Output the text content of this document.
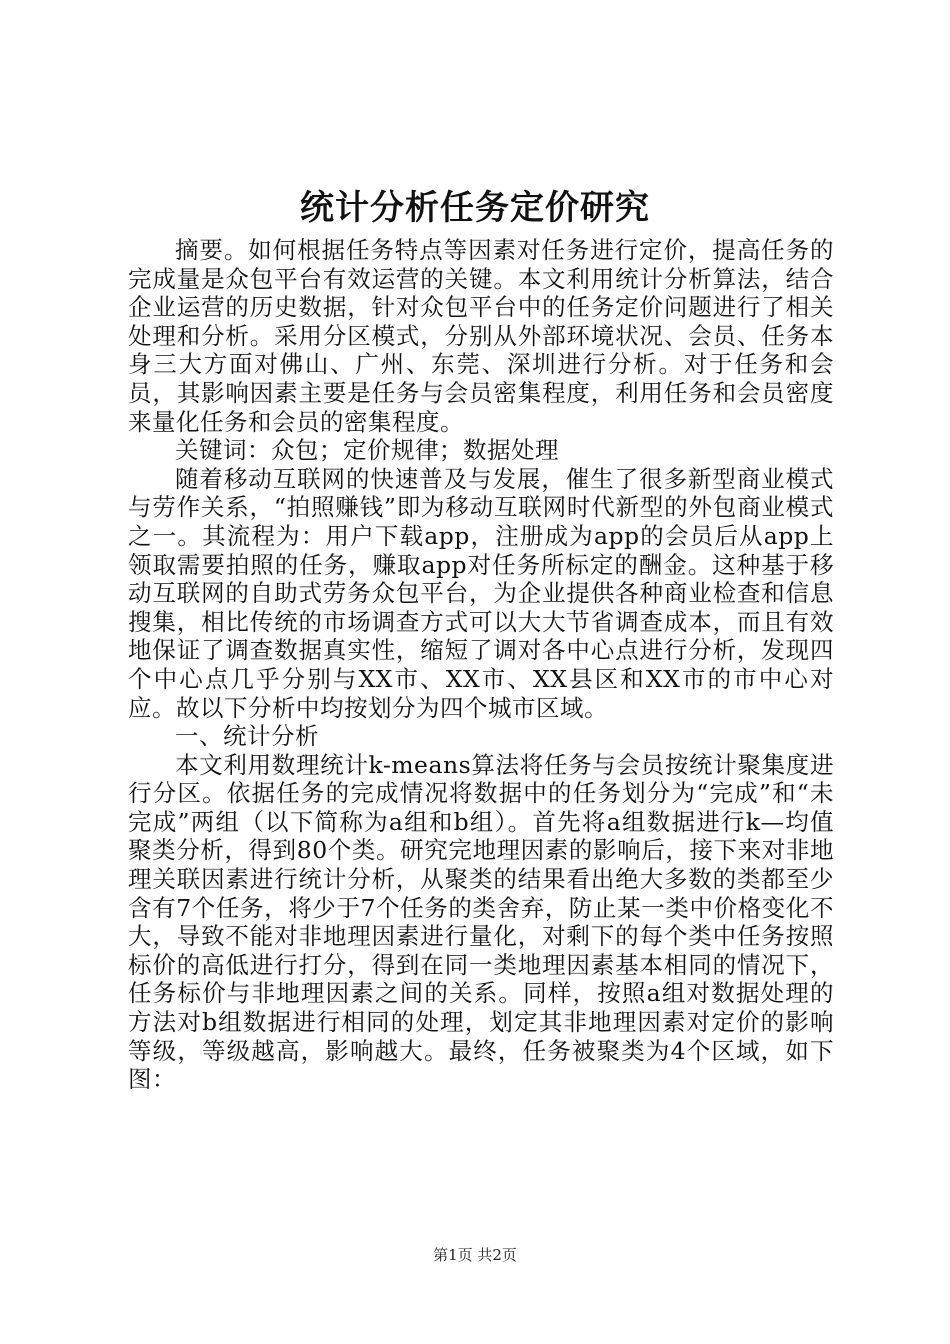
统计分析任务定价研究

摘要。如何根据任务特点等因素对任务进行定价，提高任务的完成量是众包平台有效运营的关键。本文利用统计分析算法，结合企业运营的历史数据，针对众包平台中的任务定价问题进行了相关处理和分析。采用分区模式，分别从外部环境状况、会员、任务本身三大方面对佛山、广州、东莞、深圳进行分析。对于任务和会员，其影响因素主要是任务与会员密集程度，利用任务和会员密度来量化任务和会员的密集程度。

关键词：众包；定价规律；数据处理

随着移动互联网的快速普及与发展，催生了很多新型商业模式与劳作关系，“拍照赚钱”即为移动互联网时代新型的外包商业模式之一。其流程为：用户下载app，注册成为app的会员后从app上领取需要拍照的任务，赚取app对任务所标定的酬金。这种基于移动互联网的自助式劳务众包平台，为企业提供各种商业检查和信息搜集，相比传统的市场调查方式可以大大节省调查成本，而且有效地保证了调查数据真实性，缩短了调对各中心点进行分析，发现四个中心点几乎分别与XX市、XX市、XX县区和XX市的市中心对应。故以下分析中均按划分为四个城市区域。

一、统计分析

本文利用数理统计k-means算法将任务与会员按统计聚集度进行分区。依据任务的完成情况将数据中的任务划分为“完成”和“未完成”两组（以下简称为a组和b组）。首先将a组数据进行k—均值聚类分析，得到80个类。研究完地理因素的影响后，接下来对非地理关联因素进行统计分析，从聚类的结果看出绝大多数的类都至少含有7个任务，将少于7个任务的类舍弃，防止某一类中价格变化不大，导致不能对非地理因素进行量化，对剩下的每个类中任务按照标价的高低进行打分，得到在同一类地理因素基本相同的情况下，任务标价与非地理因素之间的关系。同样，按照a组对数据处理的方法对b组数据进行相同的处理，划定其非地理因素对定价的影响等级，等级越高，影响越大。最终，任务被聚类为4个区域，如下图：

第1页 共2页
